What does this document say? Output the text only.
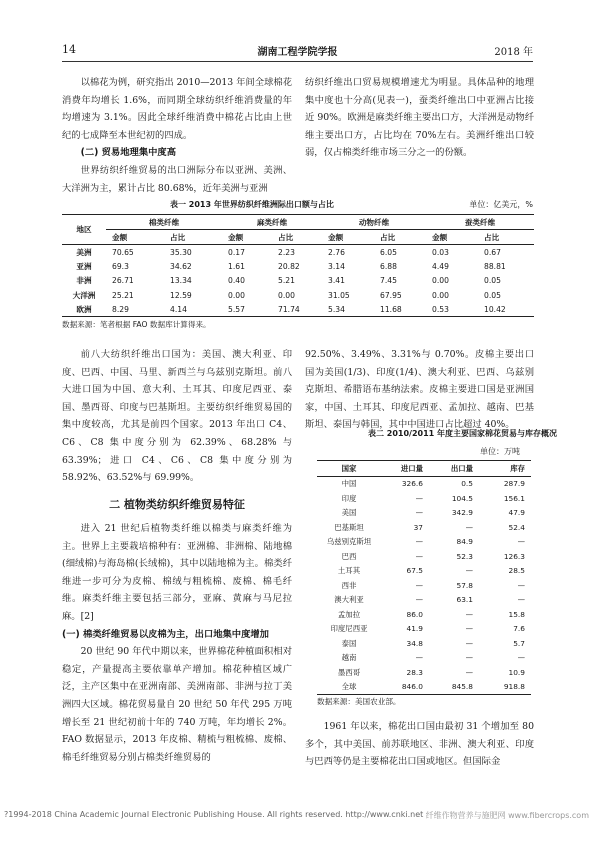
14	湖南工程学院学报	2018 年

以棉花为例，研究指出 2010—2013 年间全球棉花消费年均增长 1.6%，而同期全球纺织纤维消费量的年均增速为 3.1%。因此全球纤维消费中棉花占比由上世纪的七成降至本世纪初的四成。

(二) 贸易地理集中度高

世界纺织纤维贸易的出口洲际分布以亚洲、美洲、大洋洲为主，累计占比 80.68%，近年美洲与亚洲

纺织纤维出口贸易规模增速尤为明显。具体品种的地理集中度也十分高(见表一)，蚕类纤维出口中亚洲占比接近 90%。欧洲是麻类纤维主要出口方，大洋洲是动物纤维主要出口方，占比均在 70%左右。美洲纤维出口较弱，仅占棉类纤维市场三分之一的份额。

表一 2013 年世界纺织纤维洲际出口额与占比	单位：亿美元，%
地区	棉类纤维		麻类纤维		动物纤维		蚕类纤维	
	金额	占比	金额	占比	金额	占比	金额	占比
美洲	70.65	35.30	0.17	2.23	2.76	6.05	0.03	0.67
亚洲	69.3	34.62	1.61	20.82	3.14	6.88	4.49	88.81
非洲	26.71	13.34	0.40	5.21	3.41	7.45	0.00	0.05
大洋洲	25.21	12.59	0.00	0.00	31.05	67.95	0.00	0.05
欧洲	8.29	4.14	5.57	71.74	5.34	11.68	0.53	10.42
数据来源：笔者根据 FAO 数据库计算得来。

前八大纺织纤维出口国为：美国、澳大利亚、印度、巴西、中国、马里、新西兰与乌兹别克斯坦。前八大进口国为中国、意大利、土耳其、印度尼西亚、泰国、墨西哥、印度与巴基斯坦。主要纺织纤维贸易国的集中度较高，尤其是前四个国家。2013 年出口 C4、C6、C8 集中度分别为 62.39%、68.28% 与 63.39%；进口 C4、C6、C8 集中度分别为 58.92%、63.52%与 69.99%。

二 植物类纺织纤维贸易特征

进入 21 世纪后植物类纤维以棉类与麻类纤维为主。世界上主要栽培棉种有：亚洲棉、非洲棉、陆地棉(细绒棉)与海岛棉(长绒棉)，其中以陆地棉为主。棉类纤维进一步可分为皮棉、棉绒与粗梳棉、废棉、棉毛纤维。麻类纤维主要包括三部分，亚麻、黄麻与马尼拉麻。[2]

(一) 棉类纤维贸易以皮棉为主，出口地集中度增加

20 世纪 90 年代中期以来，世界棉花种植面积相对稳定，产量提高主要依靠单产增加。棉花种植区域广泛，主产区集中在亚洲南部、美洲南部、非洲与拉丁美洲四大区域。棉花贸易量自 20 世纪 50 年代 295 万吨增长至 21 世纪初前十年的 740 万吨，年均增长 2%。FAO 数据显示，2013 年皮棉、精梳与粗梳棉、废棉、棉毛纤维贸易分别占棉类纤维贸易的

92.50%、3.49%、3.31%与 0.70%。皮棉主要出口国为美国(1/3)、印度(1/4)、澳大利亚、巴西、乌兹别克斯坦、希腊语布基纳法索。皮棉主要进口国是亚洲国家，中国、土耳其、印度尼西亚、孟加拉、越南、巴基斯坦、泰国与韩国，其中中国进口占比超过 40%。

表二 2010/2011 年度主要国家棉花贸易与库存概况
单位：万吨
国家	进口量	出口量	库存
中国	326.6	0.5	287.9
印度	—	104.5	156.1
美国	—	342.9	47.9
巴基斯坦	37	—	52.4
乌兹别克斯坦	—	84.9	—
巴西	—	52.3	126.3
土耳其	67.5	—	28.5
西非	—	57.8	—
澳大利亚	—	63.1	—
孟加拉	86.0	—	15.8
印度尼西亚	41.9	—	7.6
泰国	34.8	—	5.7
越南	—	—	—
墨西哥	28.3	—	10.9
全球	846.0	845.8	918.8
数据来源：美国农业部。

1961 年以来，棉花出口国由最初 31 个增加至 80 多个，其中美国、前苏联地区、非洲、澳大利亚、印度与巴西等仍是主要棉花出口国或地区。但国际金

?1994-2018 China Academic Journal Electronic Publishing House. All rights reserved. http://www.cnki.net 纤维作物营养与施肥网 www.fibercrops.com
